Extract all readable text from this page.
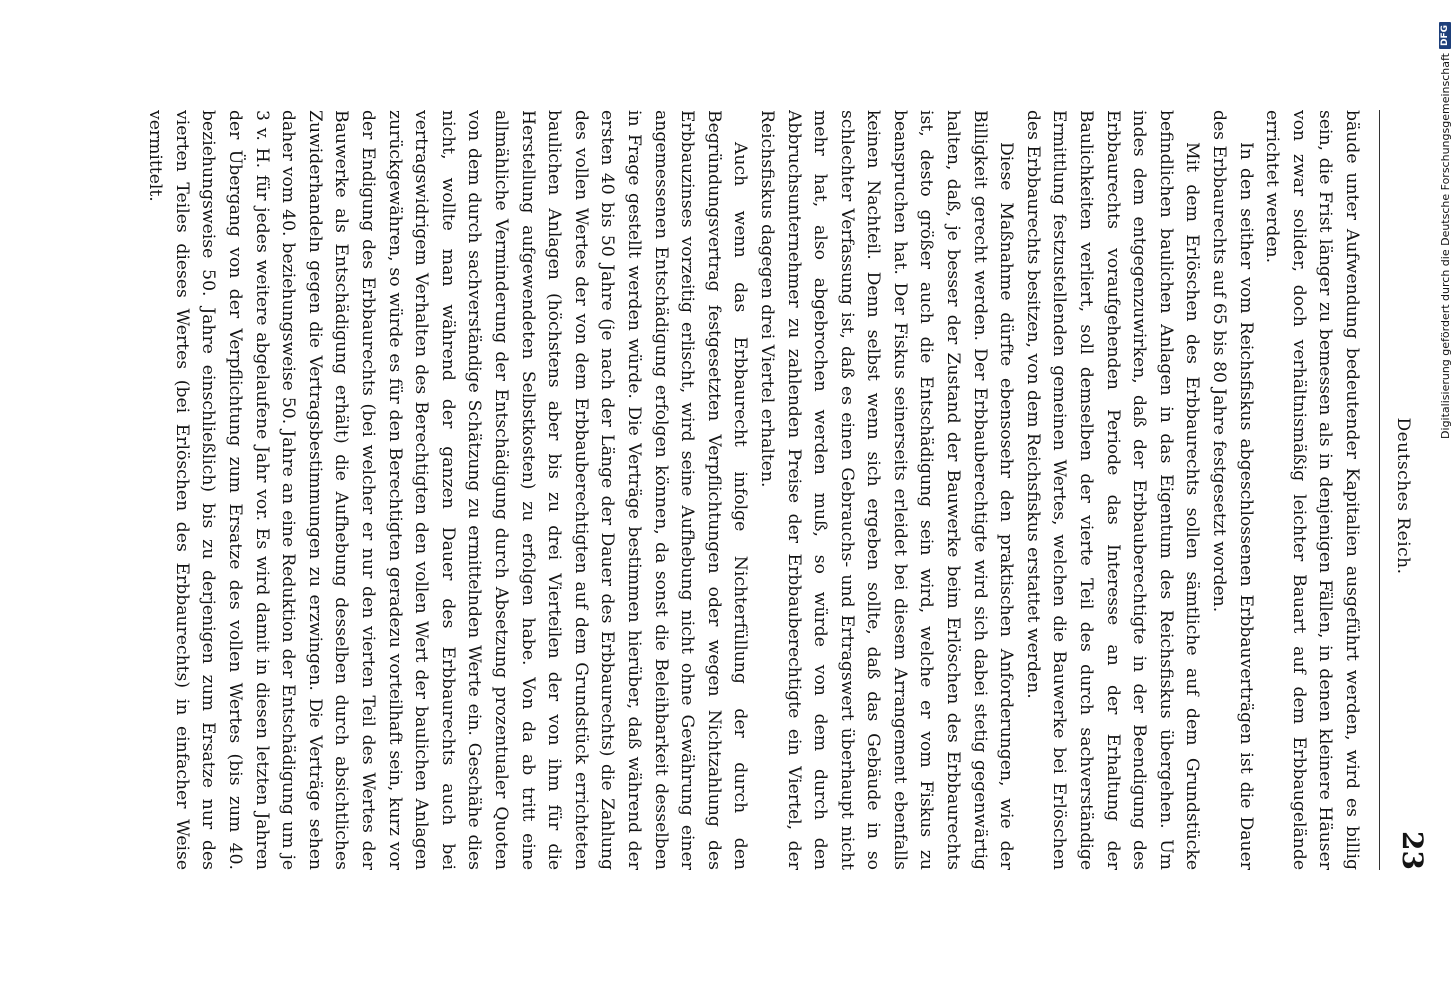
Deutsches Reich.
23

bäude unter Aufwendung bedeutender Kapitalien ausgeführt werden, wird es billig sein, die Frist länger zu bemessen als in denjenigen Fällen, in denen kleinere Häuser von zwar solider, doch verhältnismäßig leichter Bauart auf dem Erbbaugelände errichtet werden.

In den seither vom Reichsfiskus abgeschlossenen Erbbauverträgen ist die Dauer des Erbbaurechts auf 65 bis 80 Jahre festgesetzt worden.

Mit dem Erlöschen des Erbbaurechts sollen sämtliche auf dem Grundstücke befindlichen baulichen Anlagen in das Eigentum des Reichsfiskus übergehen. Um indes dem entgegenzuwirken, daß der Erbbauberechtigte in der Beendigung des Erbbaurechts voraufgehenden Periode das Interesse an der Erhaltung der Baulichkeiten verliert, soll demselben der vierte Teil des durch sachverständige Ermittlung festzustellenden gemeinen Wertes, welchen die Bauwerke bei Erlöschen des Erbbaurechts besitzen, von dem Reichsfiskus erstattet werden.

Diese Maßnahme dürfte ebensosehr den praktischen Anforderungen, wie der Billigkeit gerecht werden. Der Erbbauberechtigte wird sich dabei stetig gegenwärtig halten, daß, je besser der Zustand der Bauwerke beim Erlöschen des Erbbaurechts ist, desto größer auch die Entschädigung sein wird, welche er vom Fiskus zu beanspruchen hat. Der Fiskus seinerseits erleidet bei diesem Arrangement ebenfalls keinen Nachteil. Denn selbst wenn sich ergeben sollte, daß das Gebäude in so schlechter Verfassung ist, daß es einen Gebrauchs- und Ertragswert überhaupt nicht mehr hat, also abgebrochen werden muß, so würde von dem durch den Abbruchsunternehmer zu zahlenden Preise der Erbbauberechtigte ein Viertel, der Reichsfiskus dagegen drei Viertel erhalten.

Auch wenn das Erbbaurecht infolge Nichterfüllung der durch den Begründungsvertrag festgesetzten Verpflichtungen oder wegen Nichtzahlung des Erbbauzinses vorzeitig erlischt, wird seine Aufhebung nicht ohne Gewährung einer angemessenen Entschädigung erfolgen können, da sonst die Beleihbarkeit desselben in Frage gestellt werden würde. Die Verträge bestimmen hierüber, daß während der ersten 40 bis 50 Jahre (je nach der Länge der Dauer des Erbbaurechts) die Zahlung des vollen Wertes der von dem Erbbauberechtigten auf dem Grundstück errichteten baulichen Anlagen (höchstens aber bis zu drei Vierteilen der von ihm für die Herstellung aufgewendeten Selbstkosten) zu erfolgen habe. Von da ab tritt eine allmähliche Verminderung der Entschädigung durch Absetzung prozentualer Quoten von dem durch sachverständige Schätzung zu ermittelnden Werte ein. Geschähe dies nicht, wollte man während der ganzen Dauer des Erbbaurechts auch bei vertragswidrigem Verhalten des Berechtigten den vollen Wert der baulichen Anlagen zurückgewähren, so würde es für den Berechtigten geradezu vorteilhaft sein, kurz vor der Endigung des Erbbaurechts (bei welcher er nur den vierten Teil des Wertes der Bauwerke als Entschädigung erhält) die Aufhebung desselben durch absichtliches Zuwiderhandeln gegen die Vertragsbestimmungen zu erzwingen. Die Verträge sehen daher vom 40. beziehungsweise 50. Jahre an eine Reduktion der Entschädigung um je 3 v. H. für jedes weitere abgelaufene Jahr vor. Es wird damit in diesen letzten Jahren der Übergang von der Verpflichtung zum Ersatze des vollen Wertes (bis zum 40. beziehungsweise 50. Jahre einschließlich) bis zu derjenigen zum Ersatze nur des vierten Teiles dieses Wertes (bei Erlöschen des Erbbaurechts) in einfacher Weise vermittelt.	Digitalisierung gefördert durch die Deutsche Forschungsgemeinschaft
DFG
